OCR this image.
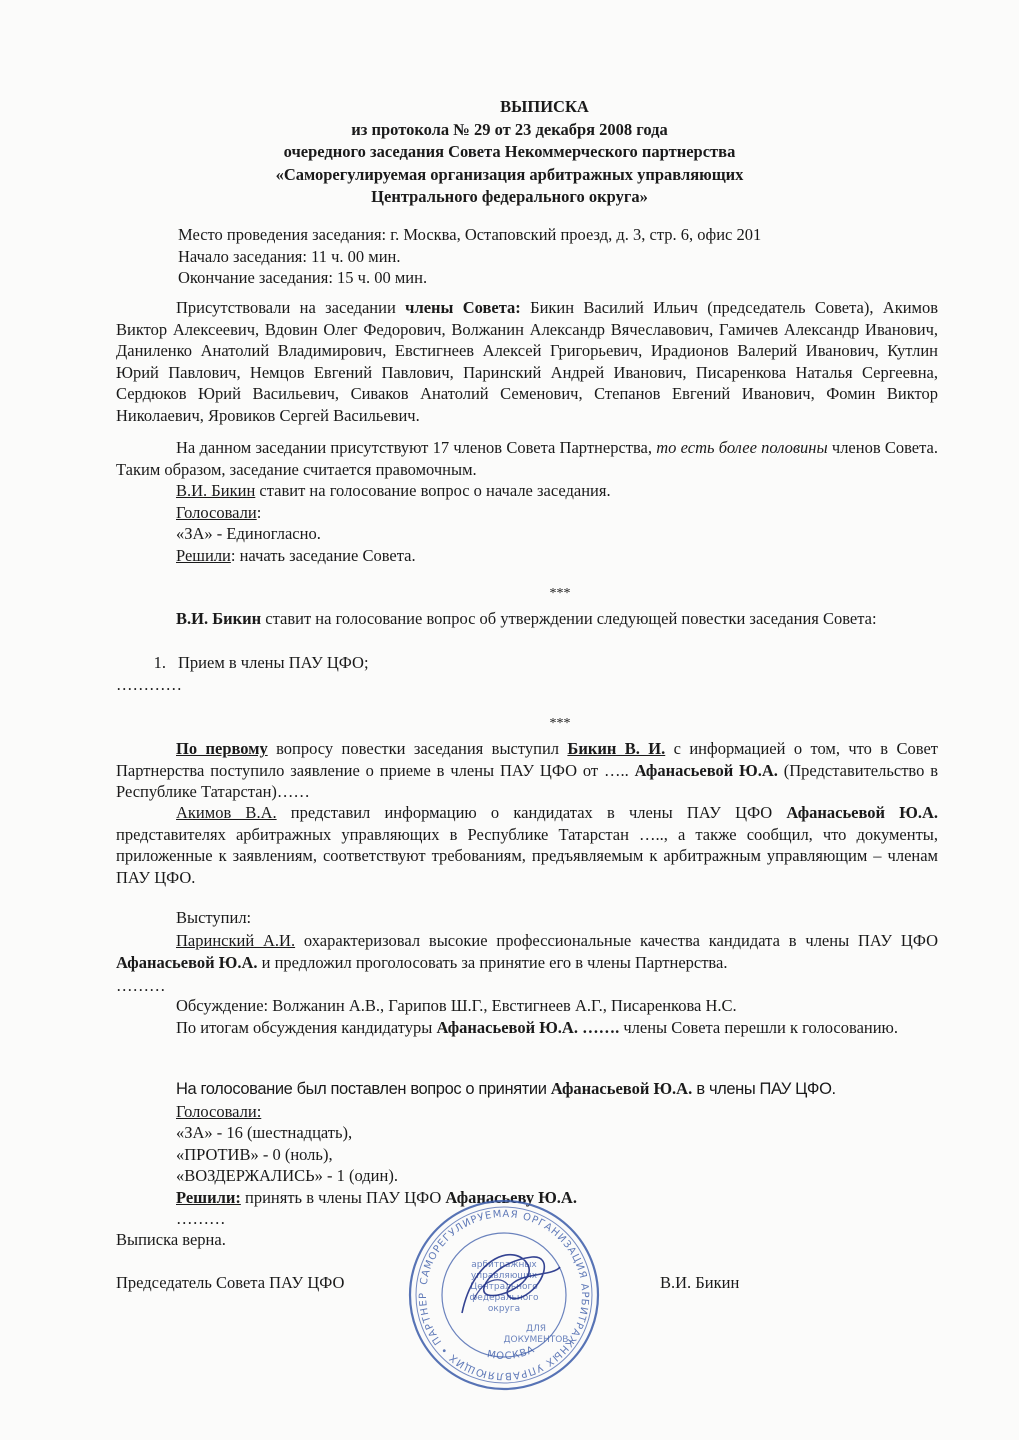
ВЫПИСКА
из протокола № 29 от 23 декабря 2008 года
очередного заседания Совета Некоммерческого партнерства
«Саморегулируемая организация арбитражных управляющих
Центрального федерального округа»
Место проведения заседания: г. Москва, Остаповский проезд, д. 3, стр. 6, офис 201
Начало заседания: 11 ч. 00 мин.
Окончание заседания: 15 ч. 00 мин.
Присутствовали на заседании члены Совета: Бикин Василий Ильич (председатель Совета), Акимов Виктор Алексеевич, Вдовин Олег Федорович, Волжанин Александр Вячеславович, Гамичев Александр Иванович, Даниленко Анатолий Владимирович, Евстигнеев Алексей Григорьевич, Ирадионов Валерий Иванович, Кутлин Юрий Павлович, Немцов Евгений Павлович, Паринский Андрей Иванович, Писаренкова Наталья Сергеевна, Сердюков Юрий Васильевич, Сиваков Анатолий Семенович, Степанов Евгений Иванович, Фомин Виктор Николаевич, Яровиков Сергей Васильевич.
На данном заседании присутствуют 17 членов Совета Партнерства, то есть более половины членов Совета. Таким образом, заседание считается правомочным.
В.И. Бикин ставит на голосование вопрос о начале заседания.
Голосовали:
«ЗА» - Единогласно.
Решили: начать заседание Совета.
***
В.И. Бикин ставит на голосование вопрос об утверждении следующей повестки заседания Совета:
1. Прием в члены ПАУ ЦФО;
…………
***
По первому вопросу повестки заседания выступил Бикин В. И. с информацией о том, что в Совет Партнерства поступило заявление о приеме в члены ПАУ ЦФО от ….. Афанасьевой Ю.А. (Представительство в Республике Татарстан)……
Акимов В.А. представил информацию о кандидатах в члены ПАУ ЦФО Афанасьевой Ю.А. представителях арбитражных управляющих в Республике Татарстан ….., а также сообщил, что документы, приложенные к заявлениям, соответствуют требованиям, предъявляемым к арбитражным управляющим – членам ПАУ ЦФО.
Выступил:
Паринский А.И. охарактеризовал высокие профессиональные качества кандидата в члены ПАУ ЦФО Афанасьевой Ю.А. и предложил проголосовать за принятие его в члены Партнерства.
………
Обсуждение: Волжанин А.В., Гарипов Ш.Г., Евстигнеев А.Г., Писаренкова Н.С.
По итогам обсуждения кандидатуры Афанасьевой Ю.А. ……. члены Совета перешли к голосованию.
На голосование был поставлен вопрос о принятии Афанасьевой Ю.А. в члены ПАУ ЦФО.
Голосовали:
«ЗА» - 16 (шестнадцать),
«ПРОТИВ» - 0 (ноль),
«ВОЗДЕРЖАЛИСЬ» - 1 (один).
Решили: принять в члены ПАУ ЦФО Афанасьеву Ю.А.
………
Выписка верна.
Председатель Совета ПАУ ЦФО	В.И. Бикин
САМОРЕГУЛИРУЕМАЯ ОРГАНИЗАЦИЯ АРБИТРАЖНЫХ УПРАВЛЯЮЩИХ • ПАРТНЕР
МОСКВА
арбитражных
управляющих
Центрального
федерального
округа
ДЛЯ
ДОКУМЕНТОВ
